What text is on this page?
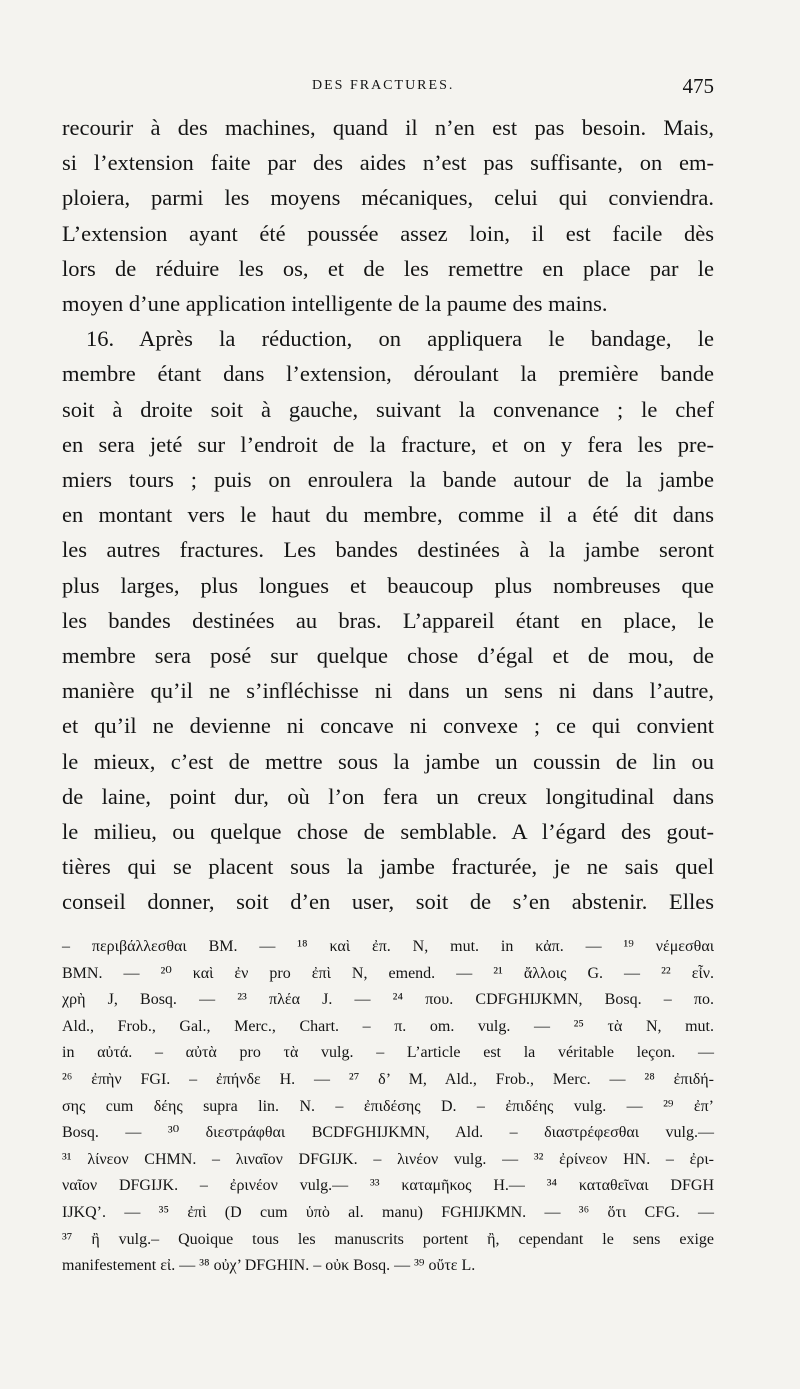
DES FRACTURES.	475
recourir à des machines, quand il n’en est pas besoin. Mais,
si l’extension faite par des aides n’est pas suffisante, on em-
ploiera, parmi les moyens mécaniques, celui qui conviendra.
L’extension ayant été poussée assez loin, il est facile dès
lors de réduire les os, et de les remettre en place par le
moyen d’une application intelligente de la paume des mains.
16. Après la réduction, on appliquera le bandage, le
membre étant dans l’extension, déroulant la première bande
soit à droite soit à gauche, suivant la convenance ; le chef
en sera jeté sur l’endroit de la fracture, et on y fera les pre-
miers tours ; puis on enroulera la bande autour de la jambe
en montant vers le haut du membre, comme il a été dit dans
les autres fractures. Les bandes destinées à la jambe seront
plus larges, plus longues et beaucoup plus nombreuses que
les bandes destinées au bras. L’appareil étant en place, le
membre sera posé sur quelque chose d’égal et de mou, de
manière qu’il ne s’infléchisse ni dans un sens ni dans l’autre,
et qu’il ne devienne ni concave ni convexe ; ce qui convient
le mieux, c’est de mettre sous la jambe un coussin de lin ou
de laine, point dur, où l’on fera un creux longitudinal dans
le milieu, ou quelque chose de semblable. A l’égard des gout-
tières qui se placent sous la jambe fracturée, je ne sais quel
conseil donner, soit d’en user, soit de s’en abstenir. Elles
– περιβάλλεσθαι BM. — ¹⁸ καὶ ἐπ. N, mut. in κἀπ. — ¹⁹ νέμεσθαι
BMN. — ²⁰ καὶ ἐν pro ἐπὶ N, emend. — ²¹ ἄλλοις G. — ²² εἶν.
χρὴ J, Bosq. — ²³ πλέα J. — ²⁴ που. CDFGHIJKMN, Bosq. – πο.
Ald., Frob., Gal., Merc., Chart. – π. om. vulg. — ²⁵ τὰ N, mut.
in αὐτά. – αὐτὰ pro τὰ vulg. – L’article est la véritable leçon. —
²⁶ ἐπὴν FGI. – ἐπήνδε H. — ²⁷ δ’ M, Ald., Frob., Merc. — ²⁸ ἐπιδή-
σης cum δέης supra lin. N. – ἐπιδέσης D. – ἐπιδέης vulg. — ²⁹ ἐπ’
Bosq. — ³⁰ διεστράφθαι BCDFGHIJKMN, Ald. – διαστρέφεσθαι vulg.—
³¹ λίνεον CHMN. – λιναῖον DFGIJK. – λινέον vulg. — ³² ἐρίνεον HN. – ἐρι-
ναῖον DFGIJK. – ἐρινέον vulg.— ³³ καταμῆκος H.— ³⁴ καταθεῖναι DFGH
IJKQ’. — ³⁵ ἐπὶ (D cum ὑπὸ al. manu) FGHIJKMN. — ³⁶ ὅτι CFG. —
³⁷ ἢ vulg.– Quoique tous les manuscrits portent ἢ, cependant le sens exige
manifestement εἰ. — ³⁸ οὐχ’ DFGHIN. – οὐκ Bosq. — ³⁹ οὔτε L.
